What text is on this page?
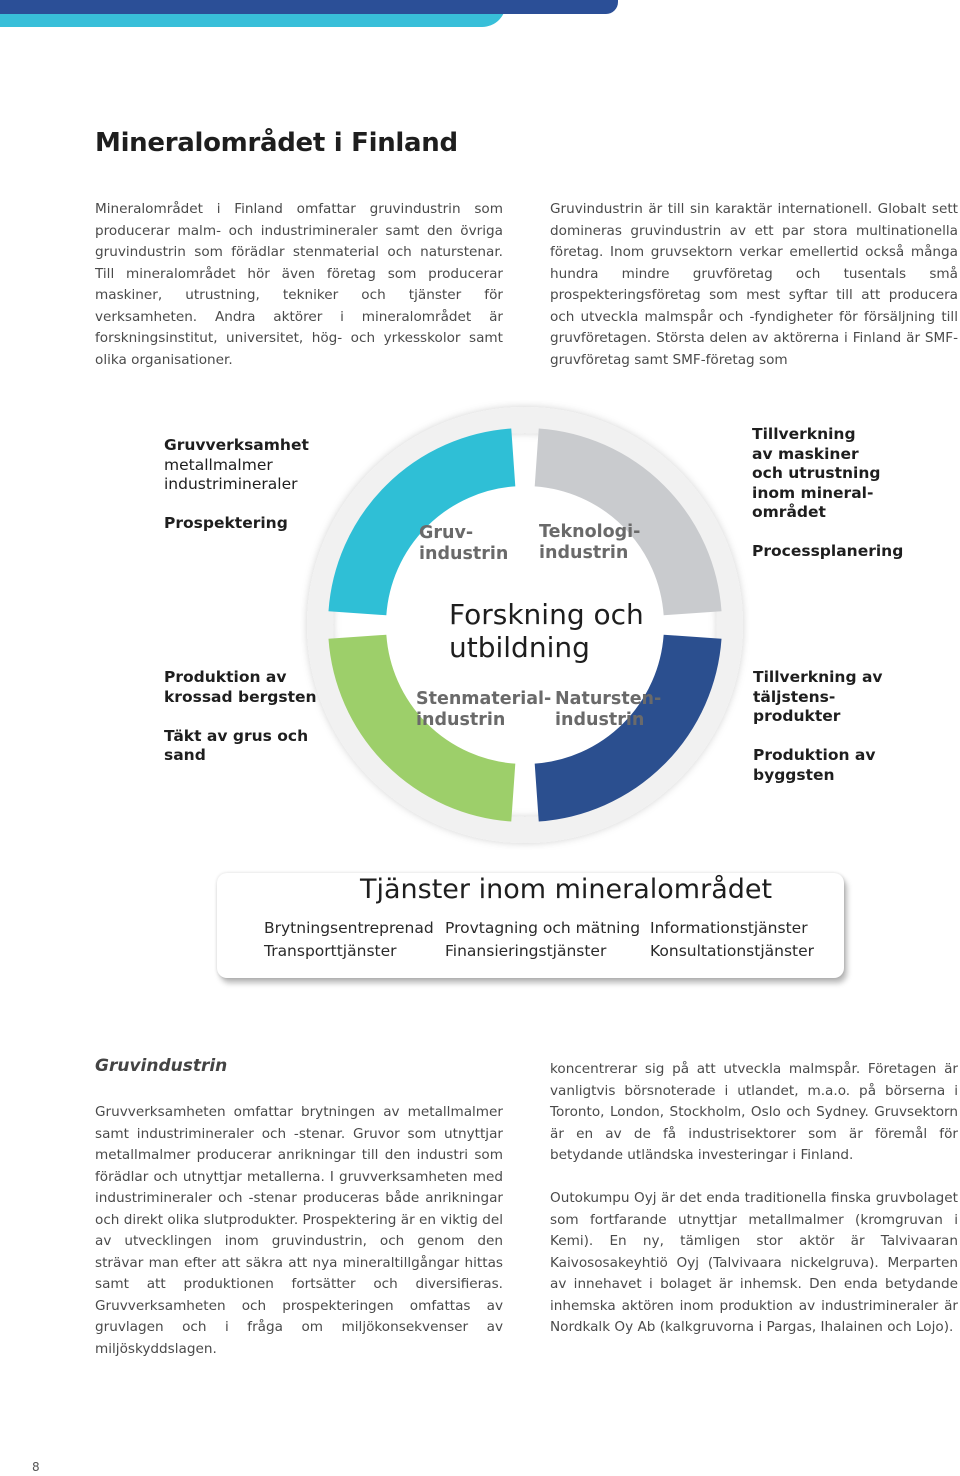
Mineralområdet i Finland

Mineralområdet i Finland omfattar gruvindustrin som producerar malm- och industrimineraler samt den övriga gruvindustrin som förädlar stenmaterial och naturstenar. Till mineralområdet hör även företag som producerar maskiner, utrustning, tekniker och tjänster för verksamheten. Andra aktörer i mineralområdet är forskningsinstitut, universitet, hög- och yrkesskolor samt olika organisationer.

Gruvindustrin är till sin karaktär internationell. Globalt sett domineras gruvindustrin av ett par stora multinationella företag. Inom gruvsektorn verkar emellertid också många hundra mindre gruvföretag och tusentals små prospekteringsföretag som mest syftar till att producera och utveckla malmspår och -fyndigheter för försäljning till gruvföretagen. Största delen av aktörerna i Finland är SMF-gruvföretag samt SMF-företag som

Gruv-
industrin
Teknologi-
industrin
Stenmaterial-
industrin
Natursten-
industrin
Forskning och
utbildning
Gruvverksamhet
metallmalmer
industrimineraler
Prospektering
Tillverkning
av maskiner
och utrustning
inom mineral-
området
Processplanering
Produktion av
krossad bergsten
Täkt av grus och
sand
Tillverkning av täljstens-
produkter
Produktion av byggsten
Tjänster inom mineralområdet
Brytningsentreprenad
Transporttjänster
Provtagning och mätning
Finansieringstjänster
Informationstjänster
Konsultationstjänster
Gruvindustrin

Gruvverksamheten omfattar brytningen av metallmalmer samt industrimineraler och -stenar. Gruvor som utnyttjar metallmalmer producerar anrikningar till den industri som förädlar och utnyttjar metallerna. I gruvverksamheten med industrimineraler och -stenar produceras både anrikningar och direkt olika slutprodukter. Prospektering är en viktig del av utvecklingen inom gruvindustrin, och genom den strävar man efter att säkra att nya mineraltillgångar hittas samt att produktionen fortsätter och diversifieras. Gruvverksamheten och prospekteringen omfattas av gruvlagen och i fråga om miljökonsekvenser av miljöskyddslagen.

koncentrerar sig på att utveckla malmspår. Företagen är vanligtvis börsnoterade i utlandet, m.a.o. på börserna i Toronto, London, Stockholm, Oslo och Sydney. Gruvsektorn är en av de få industrisektorer som är föremål för betydande utländska investeringar i Finland.

Outokumpu Oyj är det enda traditionella finska gruvbolaget som fortfarande utnyttjar metallmalmer (kromgruvan i Kemi). En ny, tämligen stor aktör är Talvivaaran Kaivososakeyhtiö Oyj (Talvivaara nickelgruva). Merparten av innehavet i bolaget är inhemsk. Den enda betydande inhemska aktören inom produktion av industrimineraler är Nordkalk Oy Ab (kalkgruvorna i Pargas, Ihalainen och Lojo).

8
